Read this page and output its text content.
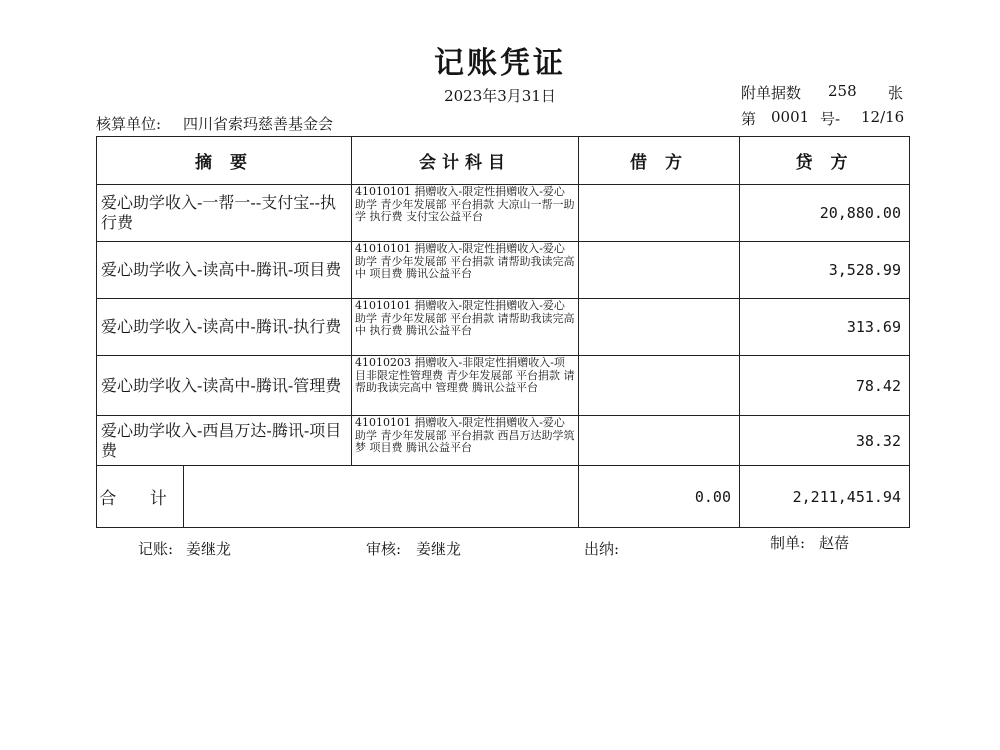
记账凭证
2023年3月31日	附单据数 258 张
核算单位: 四川省索玛慈善基金会	第 0001 号- 12/16
摘 要	会计科目	借 方	贷 方
爱心助学收入-一帮一--支付宝--执行费	41010101 捐赠收入-限定性捐赠收入-爱心助学 青少年发展部 平台捐款 大凉山一帮一助学 执行费 支付宝公益平台		20,880.00
爱心助学收入-读高中-腾讯-项目费	41010101 捐赠收入-限定性捐赠收入-爱心助学 青少年发展部 平台捐款 请帮助我读完高中 项目费 腾讯公益平台		3,528.99
爱心助学收入-读高中-腾讯-执行费	41010101 捐赠收入-限定性捐赠收入-爱心助学 青少年发展部 平台捐款 请帮助我读完高中 执行费 腾讯公益平台		313.69
爱心助学收入-读高中-腾讯-管理费	41010203 捐赠收入-非限定性捐赠收入-项目非限定性管理费 青少年发展部 平台捐款 请帮助我读完高中 管理费 腾讯公益平台		78.42
爱心助学收入-西昌万达-腾讯-项目费	41010101 捐赠收入-限定性捐赠收入-爱心助学 青少年发展部 平台捐款 西昌万达助学筑梦 项目费 腾讯公益平台		38.32

合 计		0.00	2,211,451.94
记账: 姜继龙	审核: 姜继龙	出纳:	制单: 赵蓓
